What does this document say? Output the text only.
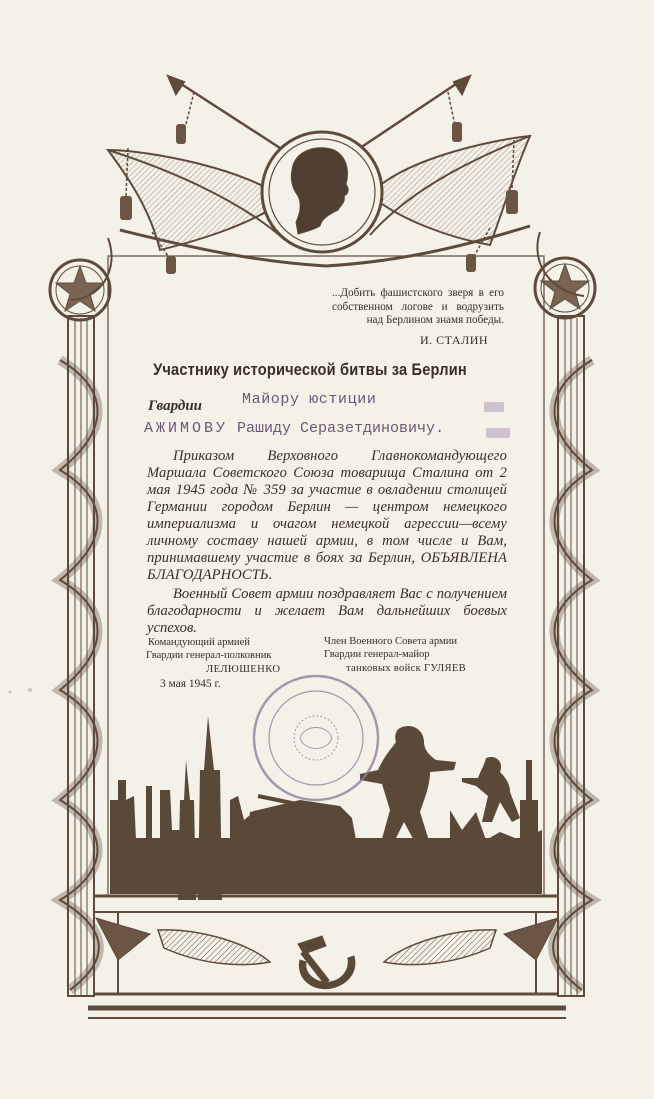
...Добить фашистского зверя в его собственном логове и водрузить над Берлином знамя победы.

И. СТАЛИН

Участнику исторической битвы за Берлин
Гвардии	Майору юстиции
АЖИМОВУ Рашиду Серазетдиновичу.

Приказом Верховного Главнокомандующего Маршала Советского Союза товарища Сталина от 2 мая 1945 года № 359 за участие в овладении столицей Германии городом Берлин — центром немецкого империализма и очагом немецкой агрессии—всему личному составу нашей армии, в том числе и Вам, принимавшему участие в боях за Берлин, ОБЪЯВЛЕНА БЛАГОДАРНОСТЬ.

Военный Совет армии поздравляет Вас с получением благодарности и желает Вам дальнейших боевых успехов.

Командующий армией
Гвардии генерал-полковник
ЛЕЛЮШЕНКО
Член Военного Совета армии
Гвардии генерал-майор
танковых войск ГУЛЯЕВ
3 мая 1945 г.
